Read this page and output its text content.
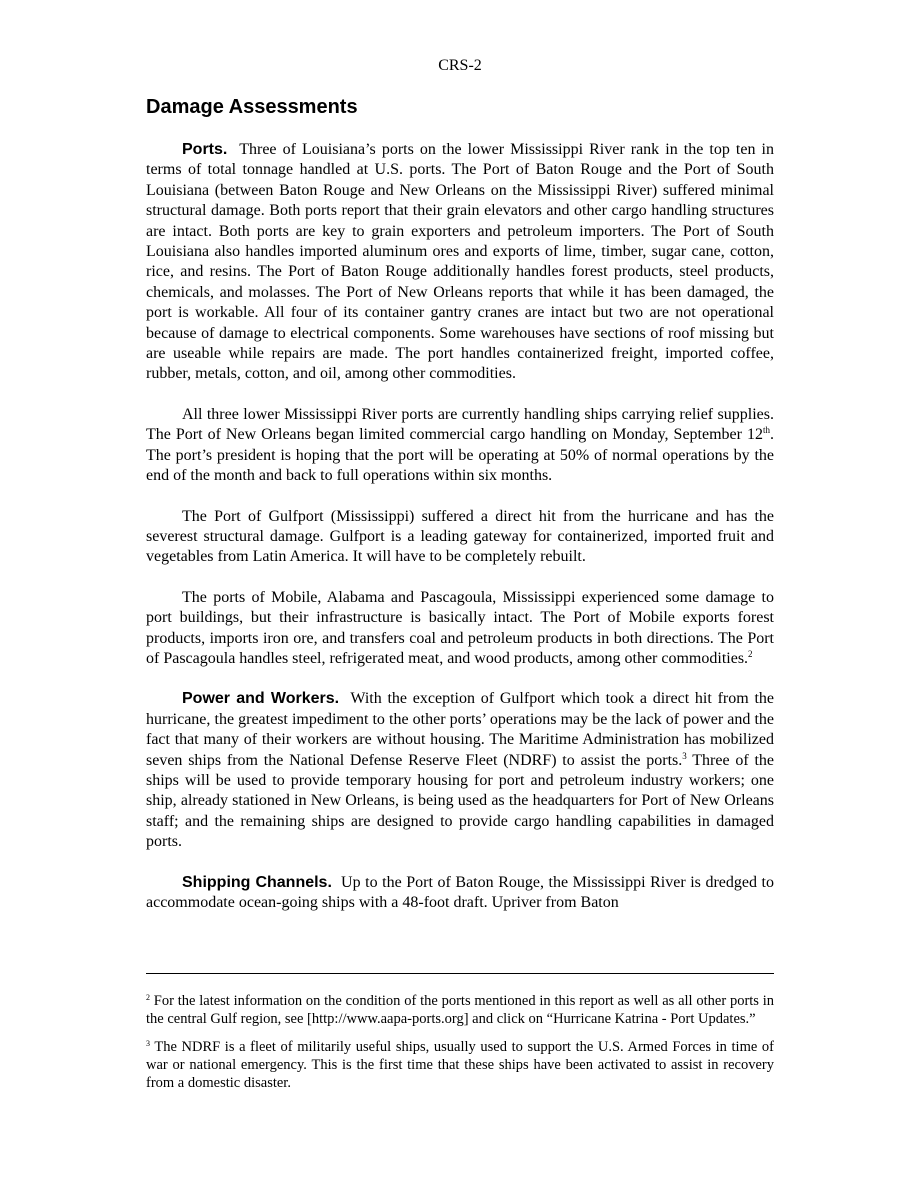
CRS-2
Damage Assessments

Ports. Three of Louisiana’s ports on the lower Mississippi River rank in the top ten in terms of total tonnage handled at U.S. ports. The Port of Baton Rouge and the Port of South Louisiana (between Baton Rouge and New Orleans on the Mississippi River) suffered minimal structural damage. Both ports report that their grain elevators and other cargo handling structures are intact. Both ports are key to grain exporters and petroleum importers. The Port of South Louisiana also handles imported aluminum ores and exports of lime, timber, sugar cane, cotton, rice, and resins. The Port of Baton Rouge additionally handles forest products, steel products, chemicals, and molasses. The Port of New Orleans reports that while it has been damaged, the port is workable. All four of its container gantry cranes are intact but two are not operational because of damage to electrical components. Some warehouses have sections of roof missing but are useable while repairs are made. The port handles containerized freight, imported coffee, rubber, metals, cotton, and oil, among other commodities.

All three lower Mississippi River ports are currently handling ships carrying relief supplies. The Port of New Orleans began limited commercial cargo handling on Monday, September 12th. The port’s president is hoping that the port will be operating at 50% of normal operations by the end of the month and back to full operations within six months.

The Port of Gulfport (Mississippi) suffered a direct hit from the hurricane and has the severest structural damage. Gulfport is a leading gateway for containerized, imported fruit and vegetables from Latin America. It will have to be completely rebuilt.

The ports of Mobile, Alabama and Pascagoula, Mississippi experienced some damage to port buildings, but their infrastructure is basically intact. The Port of Mobile exports forest products, imports iron ore, and transfers coal and petroleum products in both directions. The Port of Pascagoula handles steel, refrigerated meat, and wood products, among other commodities.$^2$

Power and Workers. With the exception of Gulfport which took a direct hit from the hurricane, the greatest impediment to the other ports’ operations may be the lack of power and the fact that many of their workers are without housing. The Maritime Administration has mobilized seven ships from the National Defense Reserve Fleet (NDRF) to assist the ports.$^3$ Three of the ships will be used to provide temporary housing for port and petroleum industry workers; one ship, already stationed in New Orleans, is being used as the headquarters for Port of New Orleans staff; and the remaining ships are designed to provide cargo handling capabilities in damaged ports.

Shipping Channels. Up to the Port of Baton Rouge, the Mississippi River is dredged to accommodate ocean-going ships with a 48-foot draft. Upriver from Baton

$^2$ For the latest information on the condition of the ports mentioned in this report as well as all other ports in the central Gulf region, see [http://www.aapa-ports.org] and click on “Hurricane Katrina - Port Updates.”

$^3$ The NDRF is a fleet of militarily useful ships, usually used to support the U.S. Armed Forces in time of war or national emergency. This is the first time that these ships have been activated to assist in recovery from a domestic disaster.
